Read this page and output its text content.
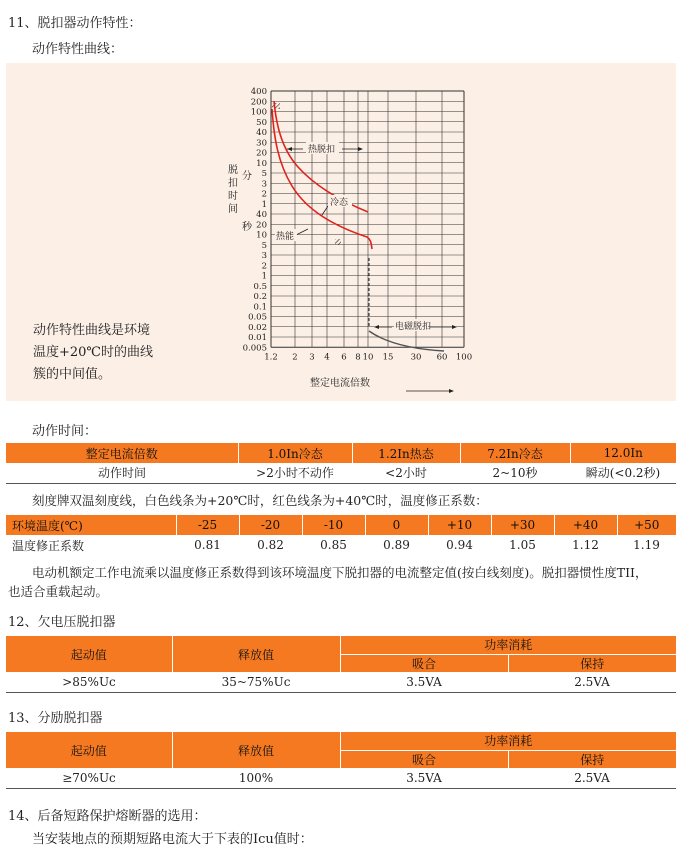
11、脱扣器动作特性：
动作特性曲线：
动作特性曲线是环境
温度+20℃时的曲线
簇的中间值。
400
200
100
50
40
30
20
10
5
3
2
1
40
20
10
5
3
2
1
0.5
0.2
0.1
0.05
0.02
0.01
0.005
1.2 2 3 4 6 8 10 15 30 60 100
脱扣时间
分
秒
热脱扣
冷态
热能
电磁脱扣
整定电流倍数
动作时间：
整定电流倍数	1.0In冷态	1.2In热态	7.2In冷态	12.0In
动作时间	>2小时不动作	<2小时	2~10秒	瞬动(<0.2秒)
刻度牌双温刻度线，白色线条为+20℃时，红色线条为+40℃时，温度修正系数：
环境温度(℃)	-25	-20	-10	0	+10	+30	+40	+50
温度修正系数	0.81	0.82	0.85	0.89	0.94	1.05	1.12	1.19
电动机额定工作电流乘以温度修正系数得到该环境温度下脱扣器的电流整定值(按白线刻度)。脱扣器惯性度TII，
也适合重载起动。
12、欠电压脱扣器
起动值	释放值	功率消耗	
		吸合	保持
>85%Uc	35~75%Uc	3.5VA	2.5VA
13、分励脱扣器
起动值	释放值	功率消耗	
		吸合	保持
≥70%Uc	100%	3.5VA	2.5VA
14、后备短路保护熔断器的选用：
当安装地点的预期短路电流大于下表的Icu值时：
